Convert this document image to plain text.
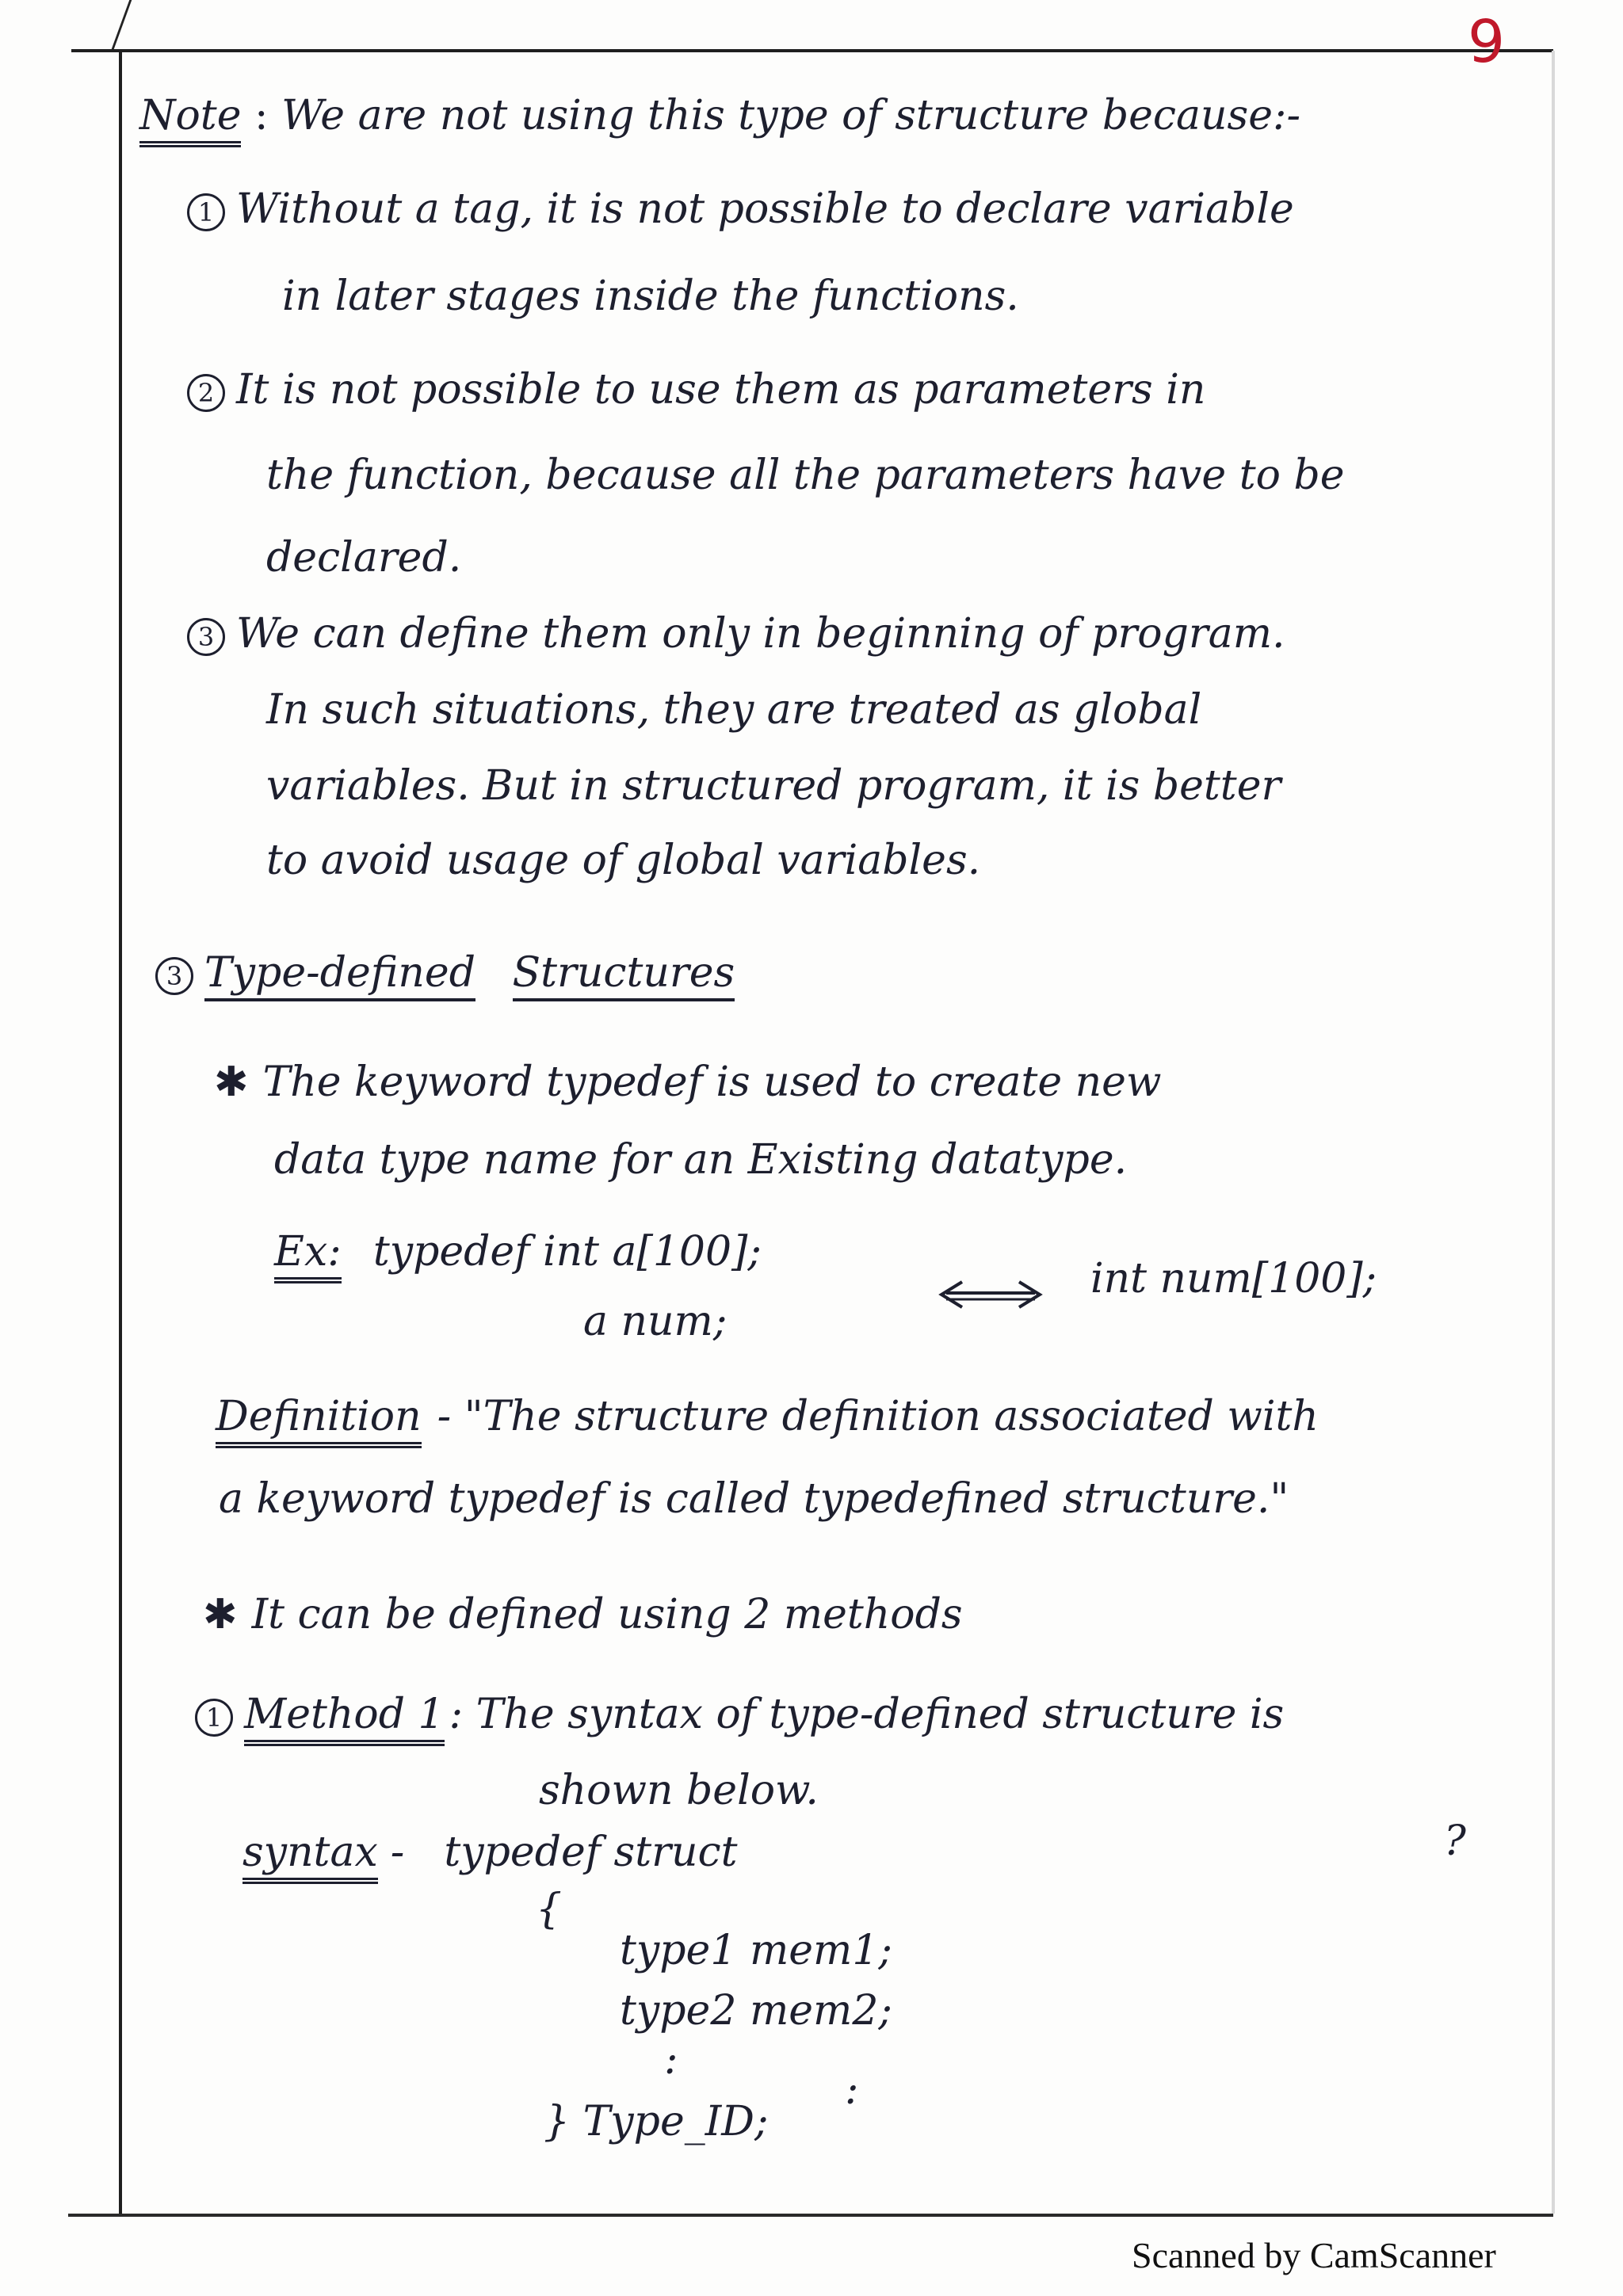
9
Note : We are not using this type of structure because:-
1 Without a tag, it is not possible to declare variable
in later stages inside the functions.
2 It is not possible to use them as parameters in
the function, because all the parameters have to be
declared.
3 We can define them only in beginning of program.
In such situations, they are treated as global
variables. But in structured program, it is better
to avoid usage of global variables.
3 Type-defined Structures
✱ The keyword typedef is used to create new
data type name for an Existing datatype.
Ex: typedef int a[100];
a num;
int num[100];
Definition - "The structure definition associated with
a keyword typedef is called typedefined structure."
✱ It can be defined using 2 methods
1 Method 1 : The syntax of type-defined structure is
shown below.
syntax - typedef struct	?
{
type1 mem1;
type2 mem2;
:
:
} Type_ID;
Scanned by CamScanner
